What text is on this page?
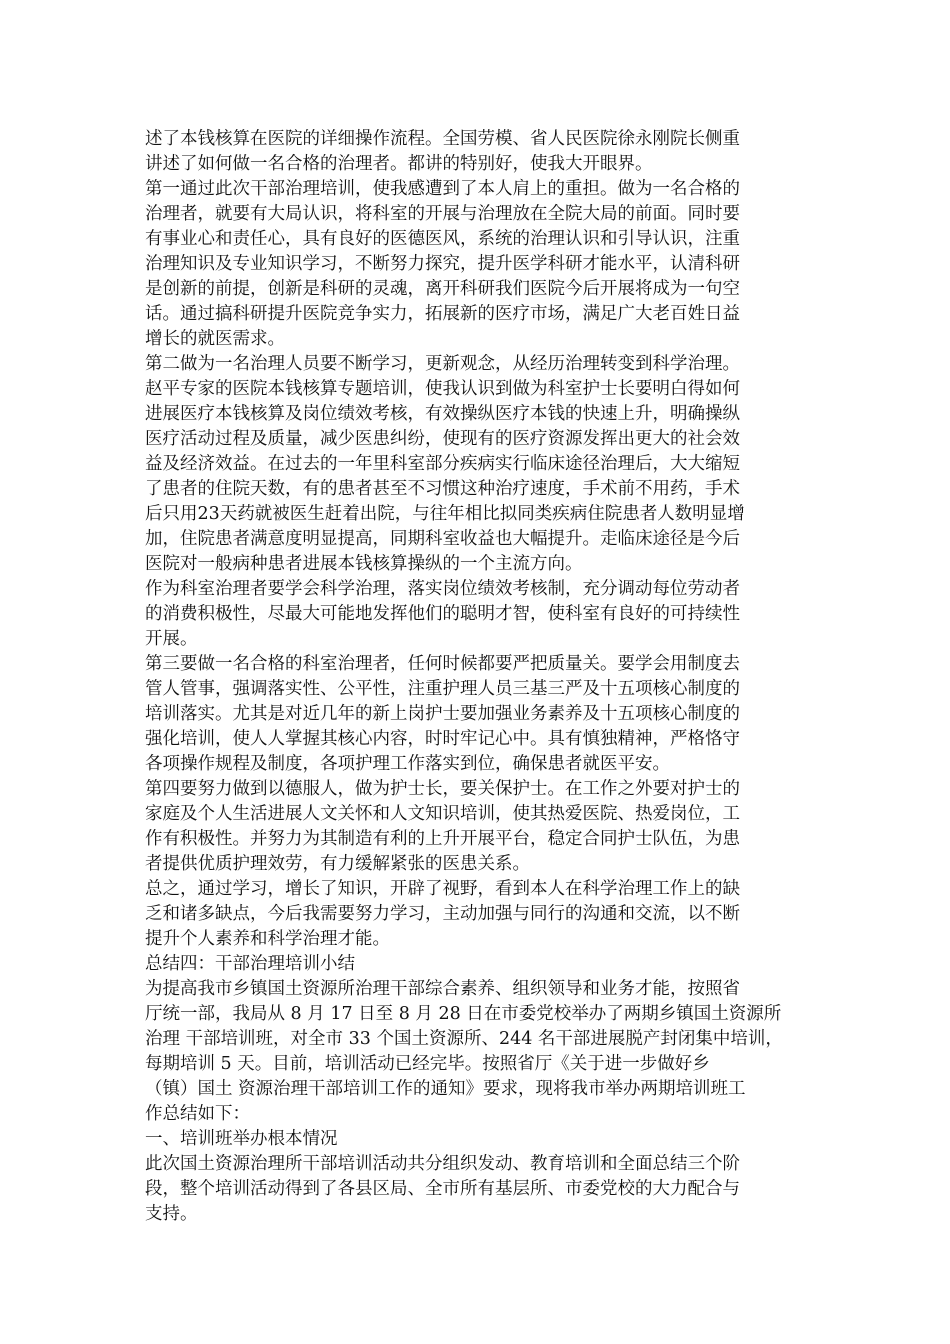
述了本钱核算在医院的详细操作流程。全国劳模、省人民医院徐永刚院长侧重
讲述了如何做一名合格的治理者。都讲的特别好，使我大开眼界。
第一通过此次干部治理培训，使我感遭到了本人肩上的重担。做为一名合格的
治理者，就要有大局认识，将科室的开展与治理放在全院大局的前面。同时要
有事业心和责任心，具有良好的医德医风，系统的治理认识和引导认识，注重
治理知识及专业知识学习，不断努力探究，提升医学科研才能水平，认清科研
是创新的前提，创新是科研的灵魂，离开科研我们医院今后开展将成为一句空
话。通过搞科研提升医院竞争实力，拓展新的医疗市场，满足广大老百姓日益
增长的就医需求。
第二做为一名治理人员要不断学习，更新观念，从经历治理转变到科学治理。
赵平专家的医院本钱核算专题培训，使我认识到做为科室护士长要明白得如何
进展医疗本钱核算及岗位绩效考核，有效操纵医疗本钱的快速上升，明确操纵
医疗活动过程及质量，减少医患纠纷，使现有的医疗资源发挥出更大的社会效
益及经济效益。在过去的一年里科室部分疾病实行临床途径治理后，大大缩短
了患者的住院天数，有的患者甚至不习惯这种治疗速度，手术前不用药，手术
后只用23天药就被医生赶着出院，与往年相比拟同类疾病住院患者人数明显增
加，住院患者满意度明显提高，同期科室收益也大幅提升。走临床途径是今后
医院对一般病种患者进展本钱核算操纵的一个主流方向。
作为科室治理者要学会科学治理，落实岗位绩效考核制，充分调动每位劳动者
的消费积极性，尽最大可能地发挥他们的聪明才智，使科室有良好的可持续性
开展。
第三要做一名合格的科室治理者，任何时候都要严把质量关。要学会用制度去
管人管事，强调落实性、公平性，注重护理人员三基三严及十五项核心制度的
培训落实。尤其是对近几年的新上岗护士要加强业务素养及十五项核心制度的
强化培训，使人人掌握其核心内容，时时牢记心中。具有慎独精神，严格恪守
各项操作规程及制度，各项护理工作落实到位，确保患者就医平安。
第四要努力做到以德服人，做为护士长，要关保护士。在工作之外要对护士的
家庭及个人生活进展人文关怀和人文知识培训，使其热爱医院、热爱岗位，工
作有积极性。并努力为其制造有利的上升开展平台，稳定合同护士队伍，为患
者提供优质护理效劳，有力缓解紧张的医患关系。
总之，通过学习，增长了知识，开辟了视野，看到本人在科学治理工作上的缺
乏和诸多缺点，今后我需要努力学习，主动加强与同行的沟通和交流，以不断
提升个人素养和科学治理才能。
总结四：干部治理培训小结
为提高我市乡镇国土资源所治理干部综合素养、组织领导和业务才能，按照省
厅统一部，我局从 8 月 17 日至 8 月 28 日在市委党校举办了两期乡镇国土资源所
治理 干部培训班，对全市 33 个国土资源所、244 名干部进展脱产封闭集中培训，
每期培训 5 天。目前，培训活动已经完毕。按照省厅《关于进一步做好乡
（镇）国土 资源治理干部培训工作的通知》要求，现将我市举办两期培训班工
作总结如下：
一、培训班举办根本情况
此次国土资源治理所干部培训活动共分组织发动、教育培训和全面总结三个阶
段，整个培训活动得到了各县区局、全市所有基层所、市委党校的大力配合与
支持。
